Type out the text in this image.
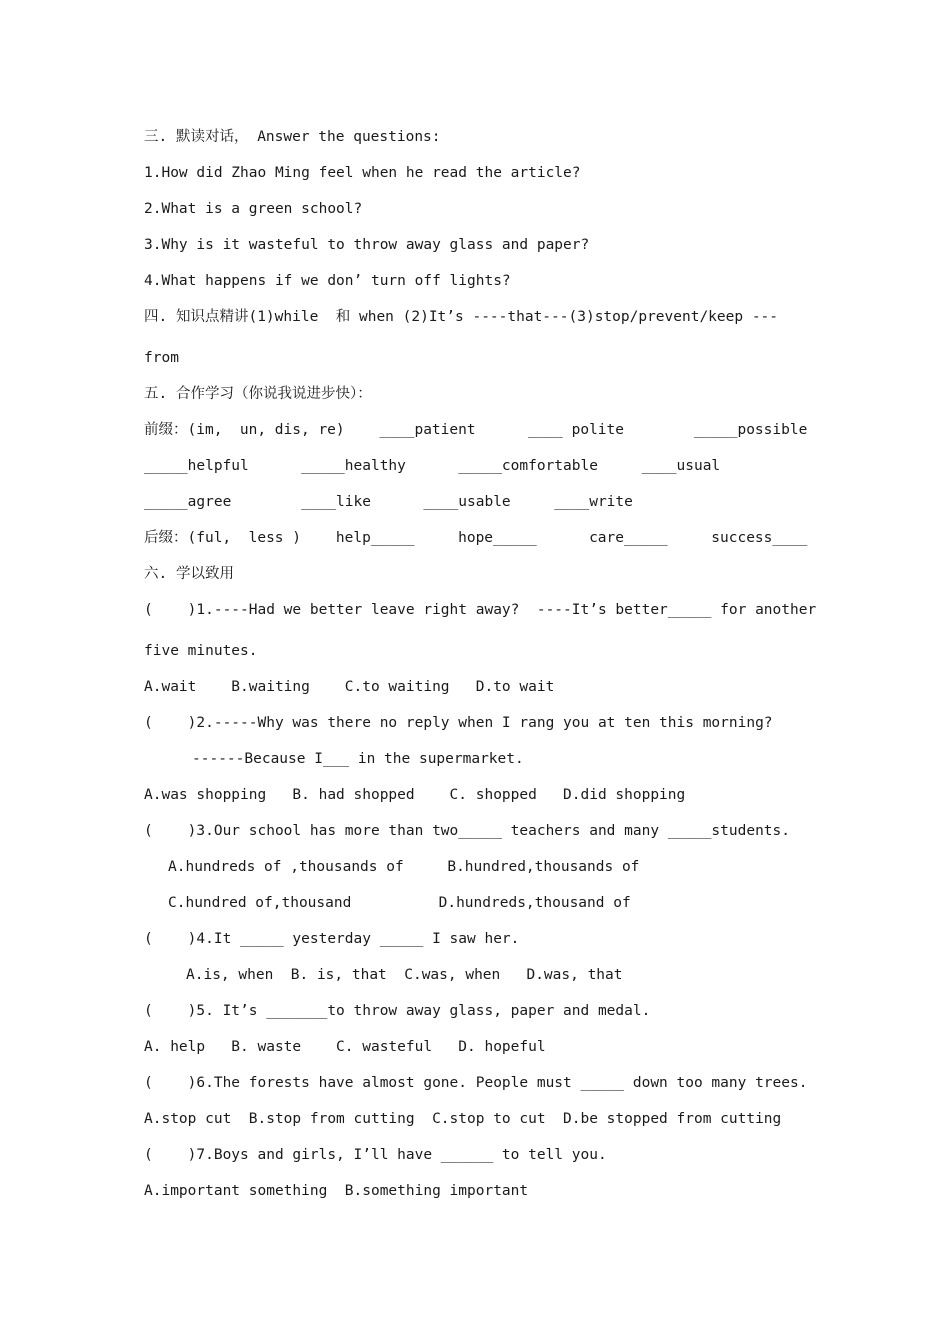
三. 默读对话， Answer the questions:
1.How did Zhao Ming feel when he read the article?
2.What is a green school?
3.Why is it wasteful to throw away glass and paper?
4.What happens if we don’ turn off lights?
四. 知识点精讲(1)while  和 when (2)It’s ----that---(3)stop/prevent/keep ---
from
五. 合作学习（你说我说进步快）：
前缀：(im,  un, dis, re)    ____patient      ____ polite        _____possible
_____helpful      _____healthy      _____comfortable     ____usual
_____agree        ____like      ____usable     ____write
后缀：(ful,  less )    help_____     hope_____      care_____     success____
六. 学以致用
(    )1.----Had we better leave right away?  ----It’s better_____ for another
five minutes.
A.wait    B.waiting    C.to waiting   D.to wait
(    )2.-----Why was there no reply when I rang you at ten this morning?
------Because I___ in the supermarket.
A.was shopping   B. had shopped    C. shopped   D.did shopping
(    )3.Our school has more than two_____ teachers and many _____students.
A.hundreds of ,thousands of     B.hundred,thousands of
C.hundred of,thousand          D.hundreds,thousand of
(    )4.It _____ yesterday _____ I saw her.
A.is, when  B. is, that  C.was, when   D.was, that
(    )5. It’s _______to throw away glass, paper and medal.
A. help   B. waste    C. wasteful   D. hopeful
(    )6.The forests have almost gone. People must _____ down too many trees.
A.stop cut  B.stop from cutting  C.stop to cut  D.be stopped from cutting
(    )7.Boys and girls, I’ll have ______ to tell you.
A.important something  B.something important
